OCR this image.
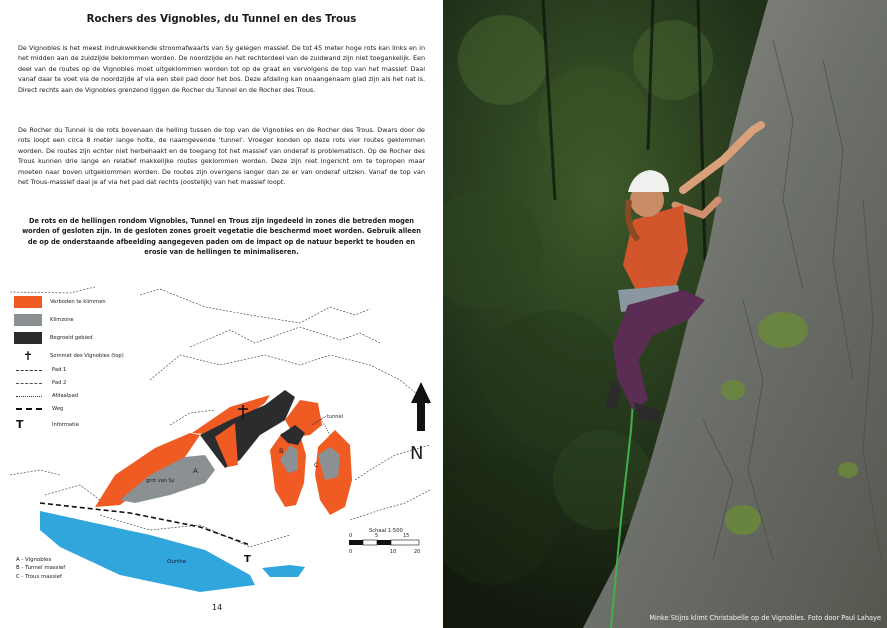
Rochers des Vignobles, du Tunnel en des Trous
De Vignobles is het meest indrukwekkende stroomafwaarts van Sy gelegen massief. De tot 45 meter hoge rots kan links en in het midden aan de zuidzijde beklommen worden. De noordzijde en het rechterdeel van de zuidwand zijn niet toegankelijk. Een deel van de routes op de Vignobles moet uitgeklommen worden tot op de graat en vervolgens de top van het massief. Daal vanaf daar te voet via de noordzijde af via een steil pad door het bos. Deze afdaling kan onaangenaam glad zijn als het nat is. Direct rechts aan de Vignobles grenzend liggen de Rocher du Tunnel en de Rocher des Trous.
De Rocher du Tunnel is de rots bovenaan de helling tussen de top van de Vignobles en de Rocher des Trous. Dwars door de rots loopt een circa 8 meter lange holte, de naamgevende 'tunnel'. Vroeger konden op deze rots vier routes geklommen worden. De routes zijn echter niet herbehaakt en de toegang tot het massief van onderaf is problematisch. Op de Rocher des Trous kunnen drie lange en relatief makkelijke routes geklommen worden. Deze zijn niet ingericht om te topropen maar moeten naar boven uitgeklommen worden. De routes zijn overigens langer dan ze er van onderaf uitzien. Vanaf de top van het Trous-massief daal je af via het pad dat rechts (oostelijk) van het massief loopt.
De rots en de hellingen rondom Vignobles, Tunnel en Trous zijn ingedeeld in zones die betreden mogen worden of gesloten zijn. In de gesloten zones groeit vegetatie die beschermd moet worden. Gebruik alleen de op de onderstaande afbeelding aangegeven paden om de impact op de natuur beperkt te houden en erosie van de hellingen te minimaliseren.
Ourthe
A
B
C
grot van Sy
tunnel
T
N
Schaal 1:500
0	5	15
0	10	20
Verboden te klimmen
Klimzone
Begroeid gebied
✝	Sommet des Vignobles (top)
Pad 1
Pad 2
Afdaalpad
Weg
T	Informatie
A - Vignobles
B - Tunnel massief
C - Trous massief
14
Minke Stijns klimt Christabelle op de Vignobles. Foto door Paul Lahaye
